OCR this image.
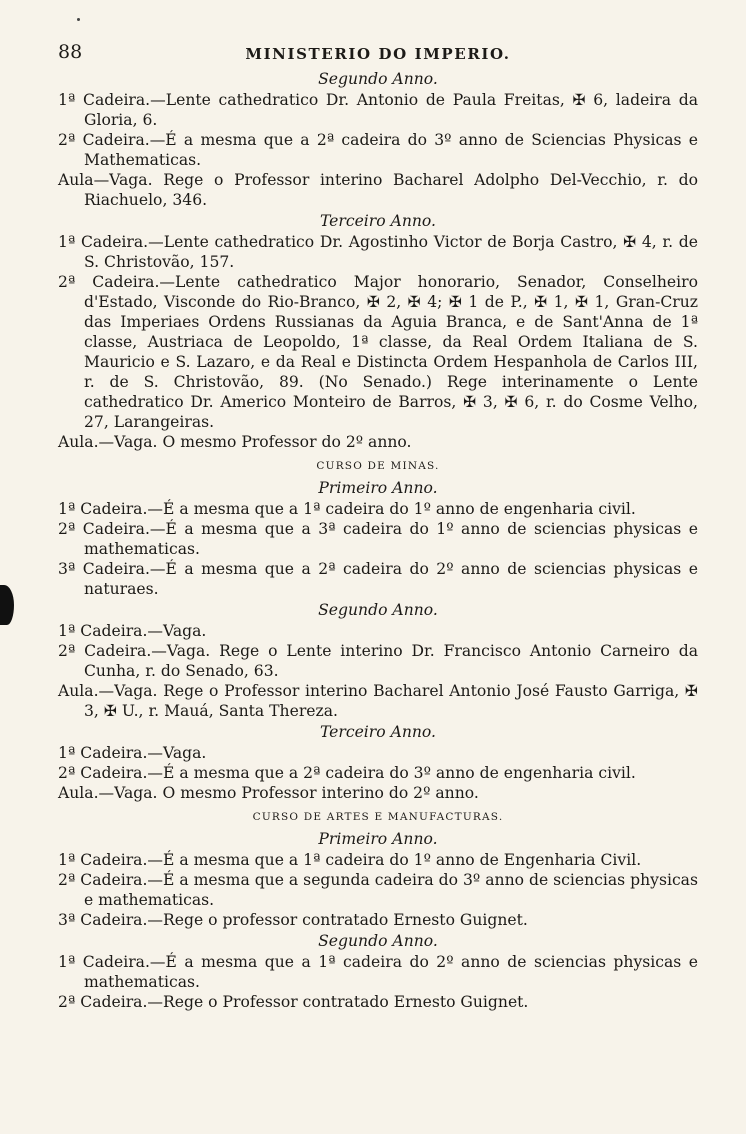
88	MINISTERIO DO IMPERIO.
Segundo Anno.

1ª Cadeira.—Lente cathedratico Dr. Antonio de Paula Freitas, ✠ 6, ladeira da Gloria, 6.

2ª Cadeira.—É a mesma que a 2ª cadeira do 3º anno de Sciencias Physicas e Mathematicas.

Aula—Vaga. Rege o Professor interino Bacharel Adolpho Del-Vecchio, r. do Riachuelo, 346.

Terceiro Anno.

1ª Cadeira.—Lente cathedratico Dr. Agostinho Victor de Borja Castro, ✠ 4, r. de S. Christovão, 157.

2ª Cadeira.—Lente cathedratico Major honorario, Senador, Conselheiro d'Estado, Visconde do Rio-Branco, ✠ 2, ✠ 4; ✠ 1 de P., ✠ 1, ✠ 1, Gran-Cruz das Imperiaes Ordens Russianas da Aguia Branca, e de Sant'Anna de 1ª classe, Austriaca de Leopoldo, 1ª classe, da Real Ordem Italiana de S. Mauricio e S. Lazaro, e da Real e Distincta Ordem Hespanhola de Carlos III, r. de S. Christovão, 89. (No Senado.) Rege interinamente o Lente cathedratico Dr. Americo Monteiro de Barros, ✠ 3, ✠ 6, r. do Cosme Velho, 27, Larangeiras.

Aula.—Vaga. O mesmo Professor do 2º anno.

CURSO DE MINAS.
Primeiro Anno.

1ª Cadeira.—É a mesma que a 1ª cadeira do 1º anno de engenharia civil.

2ª Cadeira.—É a mesma que a 3ª cadeira do 1º anno de sciencias physicas e mathematicas.

3ª Cadeira.—É a mesma que a 2ª cadeira do 2º anno de sciencias physicas e naturaes.

Segundo Anno.

1ª Cadeira.—Vaga.

2ª Cadeira.—Vaga. Rege o Lente interino Dr. Francisco Antonio Carneiro da Cunha, r. do Senado, 63.

Aula.—Vaga. Rege o Professor interino Bacharel Antonio José Fausto Garriga, ✠ 3, ✠ U., r. Mauá, Santa Thereza.

Terceiro Anno.

1ª Cadeira.—Vaga.

2ª Cadeira.—É a mesma que a 2ª cadeira do 3º anno de engenharia civil.

Aula.—Vaga. O mesmo Professor interino do 2º anno.

CURSO DE ARTES E MANUFACTURAS.
Primeiro Anno.

1ª Cadeira.—É a mesma que a 1ª cadeira do 1º anno de Engenharia Civil.

2ª Cadeira.—É a mesma que a segunda cadeira do 3º anno de sciencias physicas e mathematicas.

3ª Cadeira.—Rege o professor contratado Ernesto Guignet.

Segundo Anno.

1ª Cadeira.—É a mesma que a 1ª cadeira do 2º anno de sciencias physicas e mathematicas.

2ª Cadeira.—Rege o Professor contratado Ernesto Guignet.
